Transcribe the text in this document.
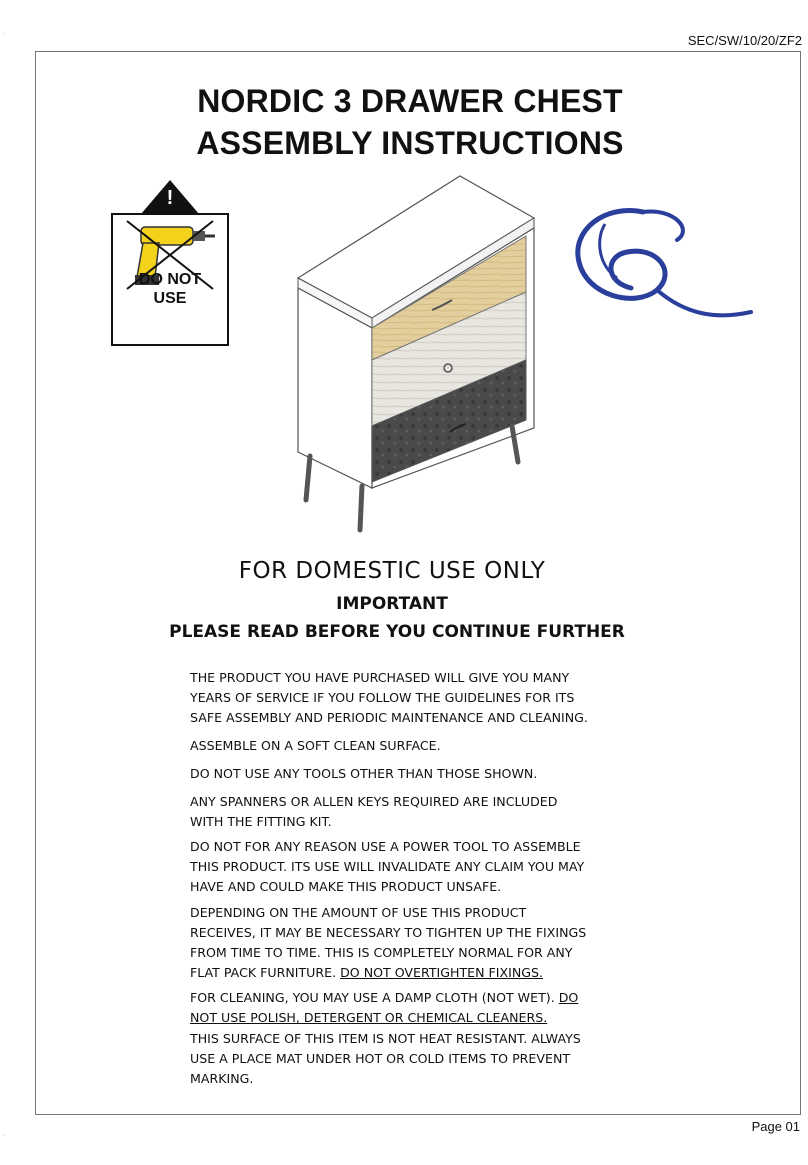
.
.
SEC/SW/10/20/ZF2
NORDIC 3 DRAWER CHEST
ASSEMBLY INSTRUCTIONS
!
DO NOT
USE
FOR DOMESTIC USE ONLY
IMPORTANT
PLEASE READ BEFORE YOU CONTINUE FURTHER

THE PRODUCT YOU HAVE PURCHASED WILL GIVE YOU MANY
YEARS OF SERVICE IF YOU FOLLOW THE GUIDELINES FOR ITS
SAFE ASSEMBLY AND PERIODIC MAINTENANCE AND CLEANING.

ASSEMBLE ON A SOFT CLEAN SURFACE.

DO NOT USE ANY TOOLS OTHER THAN THOSE SHOWN.

ANY SPANNERS OR ALLEN KEYS REQUIRED ARE INCLUDED
WITH THE FITTING KIT.

DO NOT FOR ANY REASON USE A POWER TOOL TO ASSEMBLE
THIS PRODUCT. ITS USE WILL INVALIDATE ANY CLAIM YOU MAY
HAVE AND COULD MAKE THIS PRODUCT UNSAFE.

DEPENDING ON THE AMOUNT OF USE THIS PRODUCT
RECEIVES, IT MAY BE NECESSARY TO TIGHTEN UP THE FIXINGS
FROM TIME TO TIME. THIS IS COMPLETELY NORMAL FOR ANY
FLAT PACK FURNITURE. DO NOT OVERTIGHTEN FIXINGS.

FOR CLEANING, YOU MAY USE A DAMP CLOTH (NOT WET). DO
NOT USE POLISH, DETERGENT OR CHEMICAL CLEANERS.

THIS SURFACE OF THIS ITEM IS NOT HEAT RESISTANT. ALWAYS
USE A PLACE MAT UNDER HOT OR COLD ITEMS TO PREVENT
MARKING.

Page 01
